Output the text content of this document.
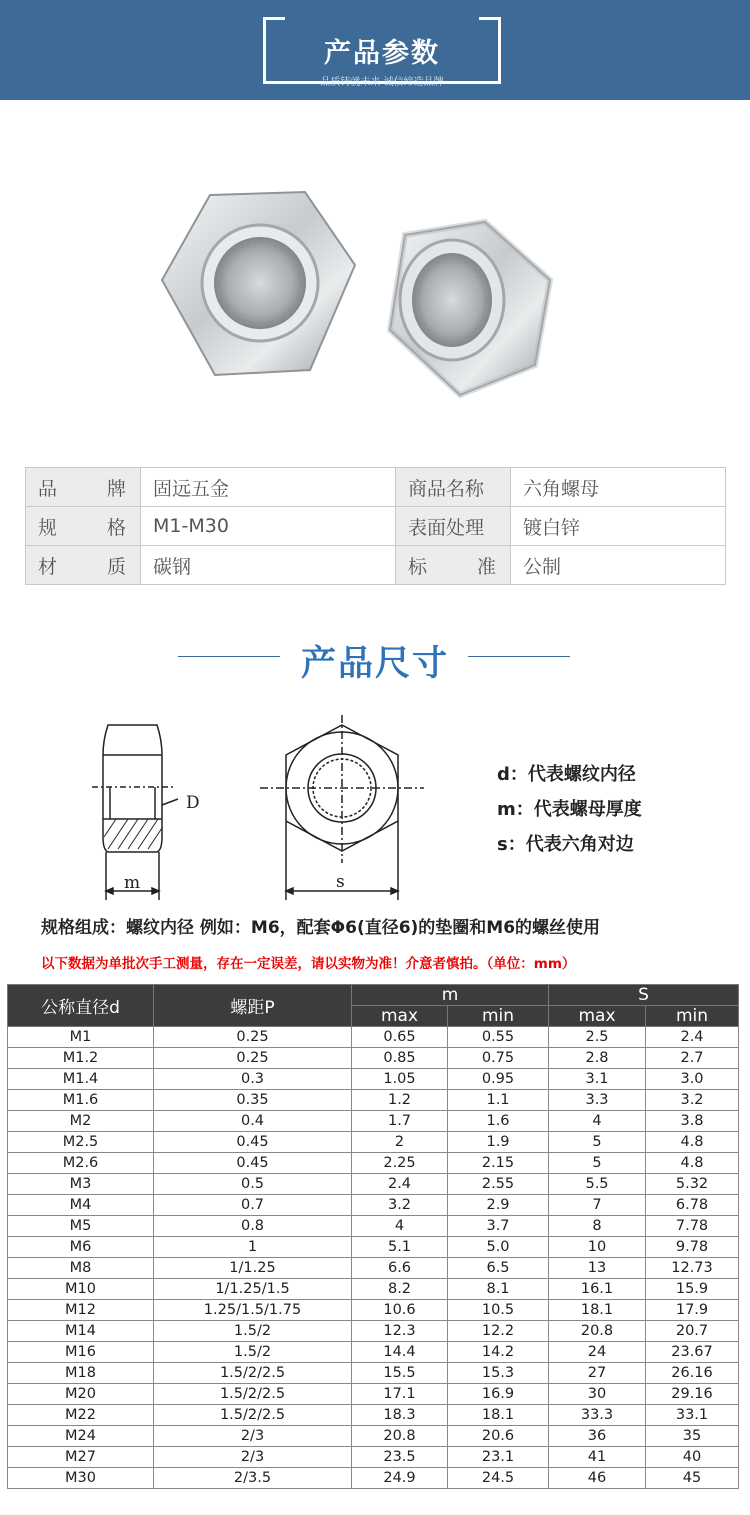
产品参数
品质铸就未来 诚信缔造品牌
品 牌	固远五金	商品名称	六角螺母

规 格	M1-M30	表面处理	镀白锌

材 质	碳钢	标 准	公制
产品尺寸
D
m	s
d：代表螺纹内径
m：代表螺母厚度
s：代表六角对边
规格组成：螺纹内径 例如：M6，配套Φ6(直径6)的垫圈和M6的螺丝使用
以下数据为单批次手工测量，存在一定误差，请以实物为准！介意者慎拍。（单位：mm）
公称直径d	螺距P	m		S	
		max	min	max	min
M1	0.25	0.65	0.55	2.5	2.4
M1.2	0.25	0.85	0.75	2.8	2.7
M1.4	0.3	1.05	0.95	3.1	3.0
M1.6	0.35	1.2	1.1	3.3	3.2
M2	0.4	1.7	1.6	4	3.8
M2.5	0.45	2	1.9	5	4.8
M2.6	0.45	2.25	2.15	5	4.8
M3	0.5	2.4	2.55	5.5	5.32
M4	0.7	3.2	2.9	7	6.78
M5	0.8	4	3.7	8	7.78
M6	1	5.1	5.0	10	9.78
M8	1/1.25	6.6	6.5	13	12.73
M10	1/1.25/1.5	8.2	8.1	16.1	15.9
M12	1.25/1.5/1.75	10.6	10.5	18.1	17.9
M14	1.5/2	12.3	12.2	20.8	20.7
M16	1.5/2	14.4	14.2	24	23.67
M18	1.5/2/2.5	15.5	15.3	27	26.16
M20	1.5/2/2.5	17.1	16.9	30	29.16
M22	1.5/2/2.5	18.3	18.1	33.3	33.1
M24	2/3	20.8	20.6	36	35
M27	2/3	23.5	23.1	41	40
M30	2/3.5	24.9	24.5	46	45
